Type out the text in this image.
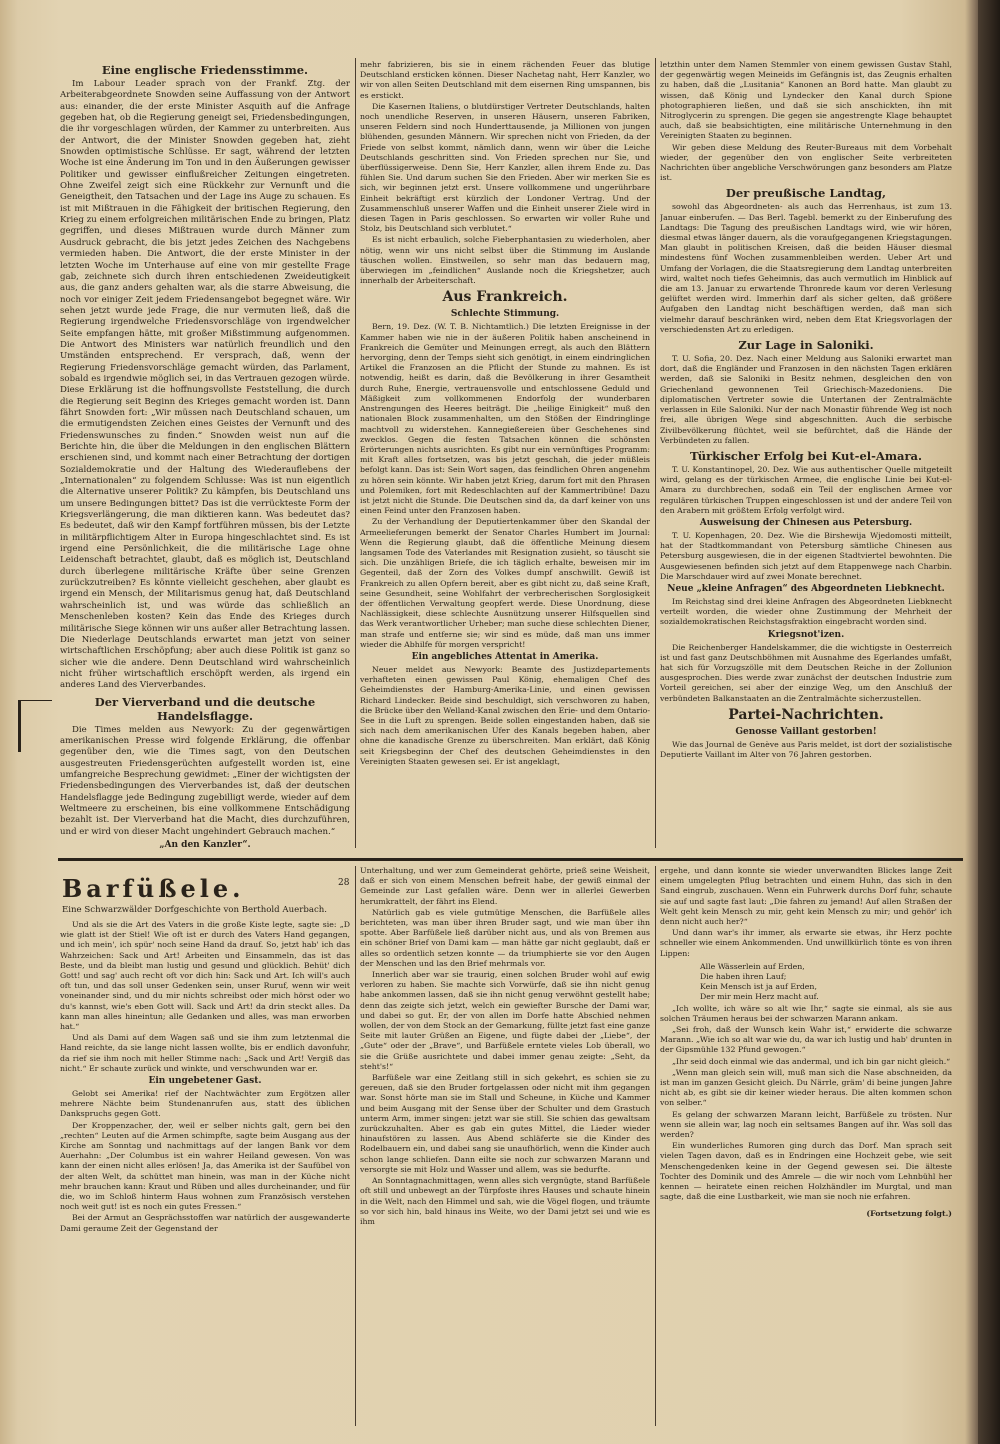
Eine englische Friedensstimme.

Im Labour Leader sprach von der Frankf. Ztg. der Arbeiterabgeordnete Snowden seine Auffassung von der Antwort aus: einander, die der erste Minister Asquith auf die Anfrage gegeben hat, ob die Regierung geneigt sei, Friedensbedingungen, die ihr vorgeschlagen würden, der Kammer zu unterbreiten. Aus der Antwort, die der Minister Snowden gegeben hat, zieht Snowden optimistische Schlüsse. Er sagt, während der letzten Woche ist eine Änderung im Ton und in den Äußerungen gewisser Politiker und gewisser einflußreicher Zeitungen eingetreten. Ohne Zweifel zeigt sich eine Rückkehr zur Vernunft und die Geneigtheit, den Tatsachen und der Lage ins Auge zu schauen. Es ist mit Mißtrauen in die Fähigkeit der britischen Regierung, den Krieg zu einem erfolgreichen militärischen Ende zu bringen, Platz gegriffen, und dieses Mißtrauen wurde durch Männer zum Ausdruck gebracht, die bis jetzt jedes Zeichen des Nachgebens vermieden haben. Die Antwort, die der erste Minister in der letzten Woche im Unterhause auf eine von mir gestellte Frage gab, zeichnete sich durch ihren entschiedenen Zweideutigkeit aus, die ganz anders gehalten war, als die starre Abweisung, die noch vor einiger Zeit jedem Friedensangebot begegnet wäre. Wir sehen jetzt wurde jede Frage, die nur vermuten ließ, daß die Regierung irgendwelche Friedensvorschläge von irgendwelcher Seite empfangen hätte, mit großer Mißstimmung aufgenommen. Die Antwort des Ministers war natürlich freundlich und den Umständen entsprechend. Er versprach, daß, wenn der Regierung Friedensvorschläge gemacht würden, das Parlament, sobald es irgendwie möglich sei, in das Vertrauen gezogen würde. Diese Erklärung ist die hoffnungsvollste Feststellung, die durch die Regierung seit Beginn des Krieges gemacht worden ist. Dann fährt Snowden fort: „Wir müssen nach Deutschland schauen, um die ermutigendsten Zeichen eines Geistes der Vernunft und des Friedenswunsches zu finden.“ Snowden weist nun auf die Berichte hin, die über die Meldungen in den englischen Blättern erschienen sind, und kommt nach einer Betrachtung der dortigen Sozialdemokratie und der Haltung des Wiederauflebens der „Internationalen“ zu folgendem Schlusse: Was ist nun eigentlich die Alternative unserer Politik? Zu kämpfen, bis Deutschland uns um unsere Bedingungen bittet? Das ist die verrückteste Form der Kriegsverlängerung, die man diktieren kann. Was bedeutet das? Es bedeutet, daß wir den Kampf fortführen müssen, bis der Letzte in militärpflichtigem Alter in Europa hingeschlachtet sind. Es ist irgend eine Persönlichkeit, die die militärische Lage ohne Leidenschaft betrachtet, glaubt, daß es möglich ist, Deutschland durch überlegene militärische Kräfte über seine Grenzen zurückzutreiben? Es könnte vielleicht geschehen, aber glaubt es irgend ein Mensch, der Militarismus genug hat, daß Deutschland wahrscheinlich ist, und was würde das schließlich an Menschenleben kosten? Kein das Ende des Krieges durch militärische Siege können wir uns außer aller Betrachtung lassen. Die Niederlage Deutschlands erwartet man jetzt von seiner wirtschaftlichen Erschöpfung; aber auch diese Politik ist ganz so sicher wie die andere. Denn Deutschland wird wahrscheinlich nicht früher wirtschaftlich erschöpft werden, als irgend ein anderes Land des Vierverbandes.

Der Vierverband und die deutsche Handelsflagge.

Die Times melden aus Newyork: Zu der gegenwärtigen amerikanischen Presse wird folgende Erklärung, die offenbar gegenüber den, wie die Times sagt, von den Deutschen ausgestreuten Friedensgerüchten aufgestellt worden ist, eine umfangreiche Besprechung gewidmet: „Einer der wichtigsten der Friedensbedingungen des Vierverbandes ist, daß der deutschen Handelsflagge jede Bedingung zugebilligt werde, wieder auf dem Weltmeere zu erscheinen, bis eine vollkommene Entschädigung bezahlt ist. Der Vierverband hat die Macht, dies durchzuführen, und er wird von dieser Macht ungehindert Gebrauch machen.“

„An den Kanzler“.

mehr fabrizieren, bis sie in einem rächenden Feuer das blutige Deutschland ersticken können. Dieser Nachetag naht, Herr Kanzler, wo wir von allen Seiten Deutschland mit dem eisernen Ring umspannen, bis es erstickt.

Die Kasernen Italiens, o blutdürstiger Vertreter Deutschlands, halten noch unendliche Reserven, in unseren Häusern, unseren Fabriken, unseren Feldern sind noch Hunderttausende, ja Millionen von jungen blühenden, gesunden Männern. Wir sprechen nicht von Frieden, da der Friede von selbst kommt, nämlich dann, wenn wir über die Leiche Deutschlands geschritten sind. Von Frieden sprechen nur Sie, und überflüssigerweise. Denn Sie, Herr Kanzler, allen ihrem Ende zu. Das fühlen Sie. Und darum suchen Sie den Frieden. Aber wir merken Sie es sich, wir beginnen jetzt erst. Unsere vollkommene und ungerührbare Einheit bekräftigt erst kürzlich der Londoner Vertrag. Und der Zusammenschluß unserer Waffen und die Einheit unserer Ziele wird in diesen Tagen in Paris geschlossen. So erwarten wir voller Ruhe und Stolz, bis Deutschland sich verblutet.“

Es ist nicht erbaulich, solche Fieberphantasien zu wiederholen, aber nötig, wenn wir uns nicht selbst über die Stimmung im Auslande täuschen wollen. Einstweilen, so sehr man das bedauern mag, überwiegen im „feindlichen“ Auslande noch die Kriegshetzer, auch innerhalb der Arbeiterschaft.

Aus Frankreich.
Schlechte Stimmung.

Bern, 19. Dez. (W. T. B. Nichtamtlich.) Die letzten Ereignisse in der Kammer haben wie nie in der äußeren Politik haben anscheinend in Frankreich die Gemüter und Meinungen erregt, als auch den Blättern hervorging, denn der Temps sieht sich genötigt, in einem eindringlichen Artikel die Franzosen an die Pflicht der Stunde zu mahnen. Es ist notwendig, heißt es darin, daß die Bevölkerung in ihrer Gesamtheit durch Ruhe, Energie, vertrauensvolle und entschlossene Geduld und Mäßigkeit zum vollkommenen Endorfolg der wunderbaren Anstrengungen des Heeres beiträgt. Die „heilige Einigkeit“ muß den nationalen Block zusammenhalten, um den Stößen der Eindringlinge machtvoll zu widerstehen. Kannegießereien über Geschehenes sind zwecklos. Gegen die festen Tatsachen können die schönsten Erörterungen nichts ausrichten. Es gibt nur ein vernünftiges Programm: mit Kraft alles fortsetzen, was bis jetzt geschah, die jeder müßleis befolgt kann. Das ist: Sein Wort sagen, das feindlichen Ohren angenehm zu hören sein könnte. Wir haben jetzt Krieg, darum fort mit den Phrasen und Polemiken, fort mit Redeschlachten auf der Kammertribüne! Dazu ist jetzt nicht die Stunde. Die Deutschen sind da, da darf keiner von uns einen Feind unter den Franzosen haben.

Zu der Verhandlung der Deputiertenkammer über den Skandal der Armeelieferungen bemerkt der Senator Charles Humbert im Journal: Wenn die Regierung glaubt, daß die öffentliche Meinung diesem langsamen Tode des Vaterlandes mit Resignation zusieht, so täuscht sie sich. Die unzähligen Briefe, die ich täglich erhalte, beweisen mir im Gegenteil, daß der Zorn des Volkes dumpf anschwillt. Gewiß ist Frankreich zu allen Opfern bereit, aber es gibt nicht zu, daß seine Kraft, seine Gesundheit, seine Wohlfahrt der verbrecherischen Sorglosigkeit der öffentlichen Verwaltung geopfert werde. Diese Unordnung, diese Nachlässigkeit, diese schlechte Ausnützung unserer Hilfsquellen sind das Werk verantwortlicher Urheber; man suche diese schlechten Diener, man strafe und entferne sie; wir sind es müde, daß man uns immer wieder die Abhilfe für morgen verspricht!

Ein angebliches Attentat in Amerika.

Neuer meldet aus Newyork: Beamte des Justizdepartements verhafteten einen gewissen Paul König, ehemaligen Chef des Geheimdienstes der Hamburg-Amerika-Linie, und einen gewissen Richard Lindecker. Beide sind beschuldigt, sich verschworen zu haben, die Brücke über den Welland-Kanal zwischen den Erie- und dem Ontario-See in die Luft zu sprengen. Beide sollen eingestanden haben, daß sie sich nach dem amerikanischen Ufer des Kanals begeben haben, aber ohne die kanadische Grenze zu überschreiten. Man erklärt, daß König seit Kriegsbeginn der Chef des deutschen Geheimdienstes in den Vereinigten Staaten gewesen sei. Er ist angeklagt,

letzthin unter dem Namen Stemmler von einem gewissen Gustav Stahl, der gegenwärtig wegen Meineids im Gefängnis ist, das Zeugnis erhalten zu haben, daß die „Lusitania“ Kanonen an Bord hatte. Man glaubt zu wissen, daß König und Lyndecker den Kanal durch Spione photographieren ließen, und daß sie sich anschickten, ihn mit Nitroglycerin zu sprengen. Die gegen sie angestrengte Klage behauptet auch, daß sie beabsichtigten, eine militärische Unternehmung in den Vereinigten Staaten zu beginnen.

Wir geben diese Meldung des Reuter-Bureaus mit dem Vorbehalt wieder, der gegenüber den von englischer Seite verbreiteten Nachrichten über angebliche Verschwörungen ganz besonders am Platze ist.

Der preußische Landtag,

sowohl das Abgeordneten- als auch das Herrenhaus, ist zum 13. Januar einberufen. — Das Berl. Tagebl. bemerkt zu der Einberufung des Landtags: Die Tagung des preußischen Landtags wird, wie wir hören, diesmal etwas länger dauern, als die voraufgegangenen Kriegstagungen. Man glaubt in politischen Kreisen, daß die beiden Häuser diesmal mindestens fünf Wochen zusammenbleiben werden. Ueber Art und Umfang der Vorlagen, die die Staatsregierung dem Landtag unterbreiten wird, waltet noch tiefes Geheimnis, das auch vermutlich im Hinblick auf die am 13. Januar zu erwartende Thronrede kaum vor deren Verlesung gelüftet werden wird. Immerhin darf als sicher gelten, daß größere Aufgaben den Landtag nicht beschäftigen werden, daß man sich vielmehr darauf beschränken wird, neben dem Etat Kriegsvorlagen der verschiedensten Art zu erledigen.

Zur Lage in Saloniki.

T. U. Sofia, 20. Dez. Nach einer Meldung aus Saloniki erwartet man dort, daß die Engländer und Franzosen in den nächsten Tagen erklären werden, daß sie Saloniki in Besitz nehmen, desgleichen den von Griechenland gewonnenen Teil Griechisch-Mazedoniens. Die diplomatischen Vertreter sowie die Untertanen der Zentralmächte verlassen in Eile Saloniki. Nur der nach Monastir führende Weg ist noch frei, alle übrigen Wege sind abgeschnitten. Auch die serbische Zivilbevölkerung flüchtet, weil sie befürchtet, daß die Hände der Verbündeten zu fallen.

Türkischer Erfolg bei Kut-el-Amara.

T. U. Konstantinopel, 20. Dez. Wie aus authentischer Quelle mitgeteilt wird, gelang es der türkischen Armee, die englische Linie bei Kut-el-Amara zu durchbrechen, sodaß ein Teil der englischen Armee vor regulären türkischen Truppen eingeschlossen ist und der andere Teil von den Arabern mit größtem Erfolg verfolgt wird.

Ausweisung der Chinesen aus Petersburg.

T. U. Kopenhagen, 20. Dez. Wie die Birshewija Wjedomosti mitteilt, hat der Stadtkommandant von Petersburg sämtliche Chinesen aus Petersburg ausgewiesen, die in der eigenen Stadtviertel bewohnten. Die Ausgewiesenen befinden sich jetzt auf dem Etappenwege nach Charbin. Die Marschdauer wird auf zwei Monate berechnet.

Neue „kleine Anfragen“ des Abgeordneten Liebknecht.

Im Reichstag sind drei kleine Anfragen des Abgeordneten Liebknecht verteilt worden, die wieder ohne Zustimmung der Mehrheit der sozialdemokratischen Reichstagsfraktion eingebracht worden sind.

Kriegsnot'izen.

Die Reichenberger Handelskammer, die die wichtigste in Oesterreich ist und fast ganz Deutschböhmen mit Ausnahme des Egerlandes umfaßt, hat sich für Vorzugszölle mit dem Deutschen Reiche in der Zollunion ausgesprochen. Dies werde zwar zunächst der deutschen Industrie zum Vorteil gereichen, sei aber der einzige Weg, um den Anschluß der verbündeten Balkanstaaten an die Zentralmächte sicherzustellen.

Partei-Nachrichten.
Genosse Vaillant gestorben!

Wie das Journal de Genève aus Paris meldet, ist dort der sozialistische Deputierte Vaillant im Alter von 76 Jahren gestorben.

Barfüßele.	28
Eine Schwarzwälder Dorfgeschichte von Berthold Auerbach.

Und als sie die Art des Vaters in die große Kiste legte, sagte sie: „D wie glatt ist der Stiel! Wie oft ist er durch des Vaters Hand gegangen, und ich mein', ich spür' noch seine Hand da drauf. So, jetzt hab' ich das Wahrzeichen: Sack und Art! Arbeiten und Einsammeln, das ist das Beste, und da bleibt man lustig und gesund und glücklich. Behüt' dich Gott! und sag' auch recht oft vor dich hin: Sack und Art. Ich will's auch oft tun, und das soll unser Gedenken sein, unser Ruruf, wenn wir weit voneinander sind, und du mir nichts schreibst oder mich hörst oder wo du's kannst, wie's eben Gott will. Sack und Art! da drin steckt alles. Da kann man alles hineintun; alle Gedanken und alles, was man erworben hat.“

Und als Dami auf dem Wagen saß und sie ihm zum letztenmal die Hand reichte, da sie lange nicht lassen wollte, bis er endlich davonfuhr, da rief sie ihm noch mit heller Stimme nach: „Sack und Art! Vergiß das nicht.“ Er schaute zurück und winkte, und verschwunden war er.

Ein ungebetener Gast.

Gelobt sei Amerika! rief der Nachtwächter zum Ergötzen aller mehrere Nächte beim Stundenanrufen aus, statt des üblichen Dankspruchs gegen Gott.

Der Kroppenzacher, der, weil er selber nichts galt, gern bei den „rechten“ Leuten auf die Armen schimpfte, sagte beim Ausgang aus der Kirche am Sonntag und nachmittags auf der langen Bank vor dem Auerhahn: „Der Columbus ist ein wahrer Heiland gewesen. Von was kann der einen nicht alles erlösen! Ja, das Amerika ist der Saufübel von der alten Welt, da schüttet man hinein, was man in der Küche nicht mehr brauchen kann: Kraut und Rüben und alles durcheinander, und für die, wo im Schloß hinterm Haus wohnen zum Französisch verstehen noch weit gut! ist es noch ein gutes Fressen.“

Bei der Armut an Gesprächsstoffen war natürlich der ausgewanderte Dami geraume Zeit der Gegenstand der

Unterhaltung, und wer zum Gemeinderat gehörte, prieß seine Weisheit, daß er sich von einem Menschen befreit habe, der gewiß einmal der Gemeinde zur Last gefallen wäre. Denn wer in allerlei Gewerben herumkrattelt, der fährt ins Elend.

Natürlich gab es viele gutmütige Menschen, die Barfüßele alles berichteten, was man über ihren Bruder sagt, und wie man über ihn spotte. Aber Barfüßele ließ darüber nicht aus, und als von Bremen aus ein schöner Brief von Dami kam — man hätte gar nicht geglaubt, daß er alles so ordentlich setzen konnte — da triumphierte sie vor den Augen der Menschen und las den Brief mehrmals vor.

Innerlich aber war sie traurig, einen solchen Bruder wohl auf ewig verloren zu haben. Sie machte sich Vorwürfe, daß sie ihn nicht genug habe ankommen lassen, daß sie ihn nicht genug verwöhnt gestellt habe; denn das zeigte sich jetzt, welch ein gewiefter Bursche der Dami war, und dabei so gut. Er, der von allen im Dorfe hatte Abschied nehmen wollen, der von dem Stock an der Gemarkung, füllte jetzt fast eine ganze Seite mit lauter Grüßen an Eigene, und fügte dabei der „Liebe“, der „Gute“ oder der „Brave“, und Barfüßele erntete vieles Lob überall, wo sie die Grüße ausrichtete und dabei immer genau zeigte: „Seht, da steht's!“

Barfüßele war eine Zeitlang still in sich gekehrt, es schien sie zu gereuen, daß sie den Bruder fortgelassen oder nicht mit ihm gegangen war. Sonst hörte man sie im Stall und Scheune, in Küche und Kammer und beim Ausgang mit der Sense über der Schulter und dem Grastuch unterm Arm, immer singen: jetzt war sie still. Sie schien das gewaltsam zurückzuhalten. Aber es gab ein gutes Mittel, die Lieder wieder hinaufstören zu lassen. Aus Abend schläferte sie die Kinder des Rodelbauern ein, und dabei sang sie unaufhörlich, wenn die Kinder auch schon lange schliefen. Dann eilte sie noch zur schwarzen Marann und versorgte sie mit Holz und Wasser und allem, was sie bedurfte.

An Sonntagnachmittagen, wenn alles sich vergnügte, stand Barfüßele oft still und unbewegt an der Türpfoste ihres Hauses und schaute hinein in die Welt, nach den Himmel und sah, wie die Vögel flogen, und träumte so vor sich hin, bald hinaus ins Weite, wo der Dami jetzt sei und wie es ihm

ergehe, und dann konnte sie wieder unverwandten Blickes lange Zeit einem umgelegten Pflug betrachten und einem Huhn, das sich in den Sand eingrub, zuschauen. Wenn ein Fuhrwerk durchs Dorf fuhr, schaute sie auf und sagte fast laut: „Die fahren zu jemand! Auf allen Straßen der Welt geht kein Mensch zu mir, geht kein Mensch zu mir; und gehör' ich denn nicht auch her?“

Und dann war's ihr immer, als erwarte sie etwas, ihr Herz pochte schneller wie einem Ankommenden. Und unwillkürlich tönte es von ihren Lippen:

Alle Wässerlein auf Erden,
Die haben ihren Lauf;
Kein Mensch ist ja auf Erden,
Der mir mein Herz macht auf.

„Ich wollte, ich wäre so alt wie Ihr,“ sagte sie einmal, als sie aus solchen Träumen heraus bei der schwarzen Marann ankam.

„Sei froh, daß der Wunsch kein Wahr ist,“ erwiderte die schwarze Marann. „Wie ich so alt war wie du, da war ich lustig und hab' drunten in der Gipsmühle 132 Pfund gewogen.“

„Ihr seid doch einmal wie das andermal, und ich bin gar nicht gleich.“

„Wenn man gleich sein will, muß man sich die Nase abschneiden, da ist man im ganzen Gesicht gleich. Du Närrle, gräm' di beine jungen Jahre nicht ab, es gibt sie dir keiner wieder heraus. Die alten kommen schon von selber.“

Es gelang der schwarzen Marann leicht, Barfüßele zu trösten. Nur wenn sie allein war, lag noch ein seltsames Bangen auf ihr. Was soll das werden?

Ein wunderliches Rumoren ging durch das Dorf. Man sprach seit vielen Tagen davon, daß es in Endringen eine Hochzeit gebe, wie seit Menschengedenken keine in der Gegend gewesen sei. Die älteste Tochter des Dominik und des Amrele — die wir noch vom Lehnbühl her kennen — heiratete einen reichen Holzhändler im Murgtal, und man sagte, daß die eine Lustbarkeit, wie man sie noch nie erfahren.

(Fortsetzung folgt.)
